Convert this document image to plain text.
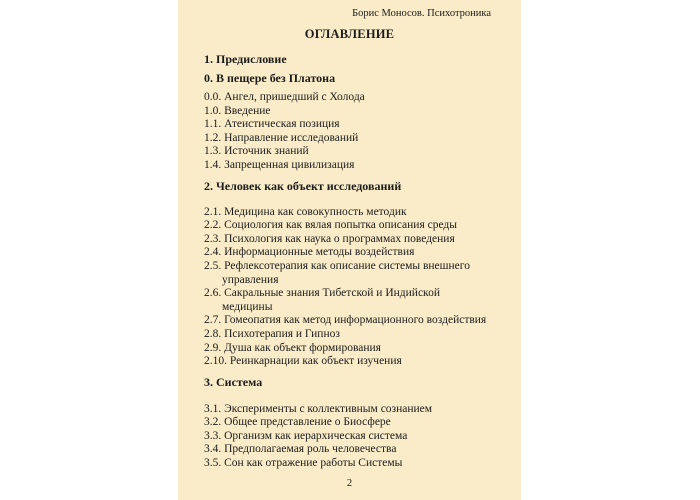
Борис Моносов. Психотроника
ОГЛАВЛЕНИЕ
1. Предисловие
0. В пещере без Платона
0.0. Ангел, пришедший с Холода
1.0. Введение
1.1. Атеистическая позиция
1.2. Направление исследований
1.3. Источник знаний
1.4. Запрещенная цивилизация
2. Человек как объект исследований
2.1. Медицина как совокупность методик
2.2. Социология как вялая попытка описания среды
2.3. Психология как наука о программах поведения
2.4. Информационные методы воздействия
2.5. Рефлексотерапия как описание системы внешнего
управления
2.6. Сакральные знания Тибетской и Индийской
медицины
2.7. Гомеопатия как метод информационного воздействия
2.8. Психотерапия и Гипноз
2.9. Душа как объект формирования
2.10. Реинкарнации как объект изучения
3. Система
3.1. Эксперименты с коллективным сознанием
3.2. Общее представление о Биосфере
3.3. Организм как иерархическая система
3.4. Предполагаемая роль человечества
3.5. Сон как отражение работы Системы
2
